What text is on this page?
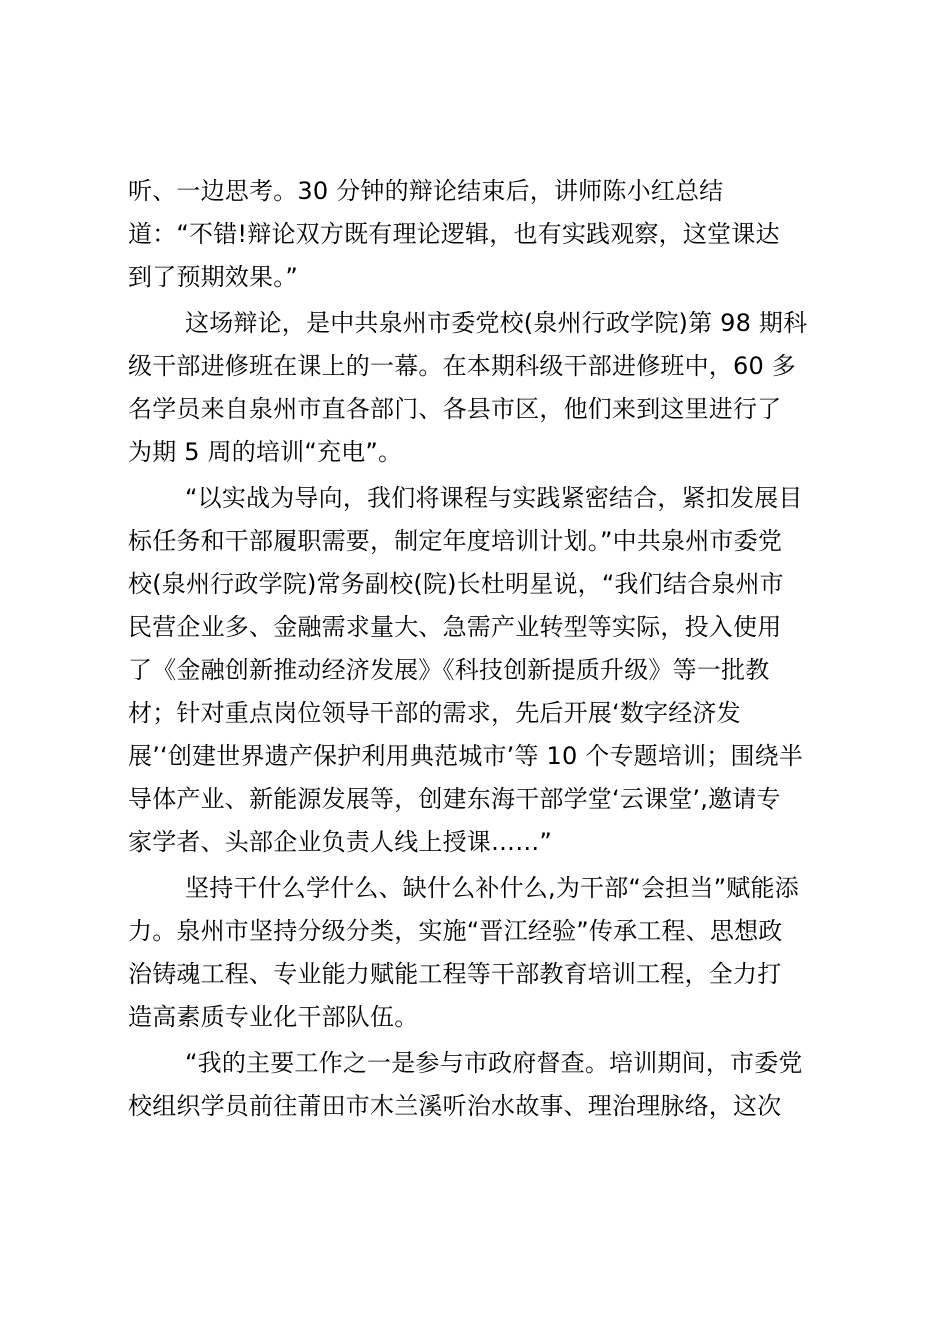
听、一边思考。30 分钟的辩论结束后，讲师陈小红总结
道：“不错!辩论双方既有理论逻辑，也有实践观察，这堂课达
到了预期效果。”
这场辩论，是中共泉州市委党校(泉州行政学院)第 98 期科
级干部进修班在课上的一幕。在本期科级干部进修班中，60 多
名学员来自泉州市直各部门、各县市区，他们来到这里进行了
为期 5 周的培训“充电”。
“以实战为导向，我们将课程与实践紧密结合，紧扣发展目
标任务和干部履职需要，制定年度培训计划。”中共泉州市委党
校(泉州行政学院)常务副校(院)长杜明星说，“我们结合泉州市
民营企业多、金融需求量大、急需产业转型等实际，投入使用
了《金融创新推动经济发展》《科技创新提质升级》等一批教
材；针对重点岗位领导干部的需求，先后开展‘数字经济发
展’‘创建世界遗产保护利用典范城市’等 10 个专题培训；围绕半
导体产业、新能源发展等，创建东海干部学堂‘云课堂’,邀请专
家学者、头部企业负责人线上授课……”
坚持干什么学什么、缺什么补什么,为干部“会担当”赋能添
力。泉州市坚持分级分类，实施“晋江经验”传承工程、思想政
治铸魂工程、专业能力赋能工程等干部教育培训工程，全力打
造高素质专业化干部队伍。
“我的主要工作之一是参与市政府督查。培训期间，市委党
校组织学员前往莆田市木兰溪听治水故事、理治理脉络，这次
